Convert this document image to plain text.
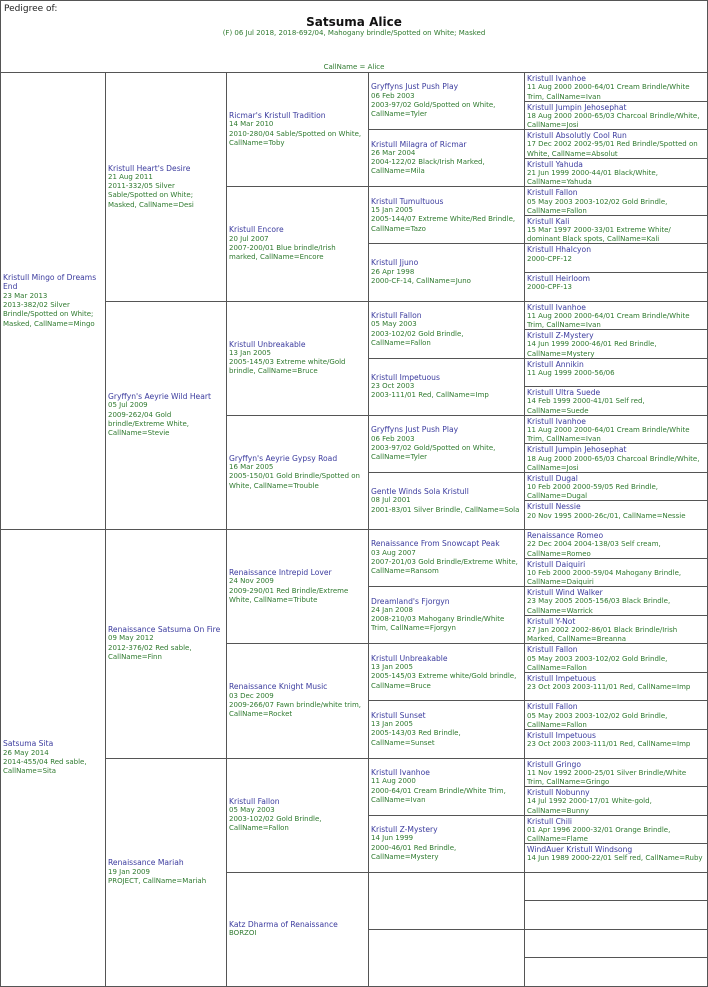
Pedigree of:
Satsuma Alice
(F) 06 Jul 2018, 2018-692/04, Mahogany brindle/Spotted on White; Masked
CallName = Alice
Kristull Mingo of Dreams End
23 Mar 2013
2013-382/02 Silver Brindle/Spotted on White; Masked, CallName=Mingo
Satsuma Sita
26 May 2014
2014-455/04 Red sable, CallName=Sita
Kristull Heart's Desire
21 Aug 2011
2011-332/05 Silver Sable/Spotted on White; Masked, CallName=Desi
Gryffyn's Aeyrie Wild Heart
05 Jul 2009
2009-262/04 Gold brindle/Extreme White, CallName=Stevie
Renaissance Satsuma On Fire
09 May 2012
2012-376/02 Red sable, CallName=Finn
Renaissance Mariah
19 Jan 2009
PROJECT, CallName=Mariah
Ricmar's Kristull Tradition
14 Mar 2010
2010-280/04 Sable/Spotted on White, CallName=Toby
Kristull Encore
20 Jul 2007
2007-200/01 Blue brindle/Irish marked, CallName=Encore
Kristull Unbreakable
13 Jan 2005
2005-145/03 Extreme white/Gold brindle, CallName=Bruce
Gryffyn's Aeyrie Gypsy Road
16 Mar 2005
2005-150/01 Gold Brindle/Spotted on White, CallName=Trouble
Renaissance Intrepid Lover
24 Nov 2009
2009-290/01 Red Brindle/Extreme White, CallName=Tribute
Renaissance Knight Music
03 Dec 2009
2009-266/07 Fawn brindle/white trim, CallName=Rocket
Kristull Fallon
05 May 2003
2003-102/02 Gold Brindle, CallName=Fallon
Katz Dharma of Renaissance
BORZOI
Gryffyns Just Push Play
06 Feb 2003
2003-97/02 Gold/Spotted on White, CallName=Tyler
Kristull Milagra of Ricmar
26 Mar 2004
2004-122/02 Black/Irish Marked, CallName=Mila
Kristull Tumultuous
15 Jan 2005
2005-144/07 Extreme White/Red Brindle, CallName=Tazo
Kristull Jjuno
26 Apr 1998
2000-CF-14, CallName=Juno
Kristull Fallon
05 May 2003
2003-102/02 Gold Brindle, CallName=Fallon
Kristull Impetuous
23 Oct 2003
2003-111/01 Red, CallName=Imp
Gryffyns Just Push Play
06 Feb 2003
2003-97/02 Gold/Spotted on White, CallName=Tyler
Gentle Winds Sola Kristull
08 Jul 2001
2001-83/01 Silver Brindle, CallName=Sola
Renaissance From Snowcapt Peak
03 Aug 2007
2007-201/03 Gold Brindle/Extreme White, CallName=Ransom
Dreamland's Fjorgyn
24 Jan 2008
2008-210/03 Mahogany Brindle/White Trim, CallName=Fjorgyn
Kristull Unbreakable
13 Jan 2005
2005-145/03 Extreme white/Gold brindle, CallName=Bruce
Kristull Sunset
13 Jan 2005
2005-143/03 Red Brindle, CallName=Sunset
Kristull Ivanhoe
11 Aug 2000
2000-64/01 Cream Brindle/White Trim, CallName=Ivan
Kristull Z-Mystery
14 Jun 1999
2000-46/01 Red Brindle, CallName=Mystery
Kristull Ivanhoe
11 Aug 2000 2000-64/01 Cream Brindle/White Trim, CallName=Ivan
Kristull Jumpin Jehosephat
18 Aug 2000 2000-65/03 Charcoal Brindle/White, CallName=Josi
Kristull Absolutly Cool Run
17 Dec 2002 2002-95/01 Red Brindle/Spotted on White, CallName=Absolut
Kristull Yahuda
21 Jun 1999 2000-44/01 Black/White, CallName=Yahuda
Kristull Fallon
05 May 2003 2003-102/02 Gold Brindle, CallName=Fallon
Kristull Kali
15 Mar 1997 2000-33/01 Extreme White/ dominant Black spots, CallName=Kali
Kristull Hhalcyon
2000-CPF-12
Kristull Heirloom
2000-CPF-13
Kristull Ivanhoe
11 Aug 2000 2000-64/01 Cream Brindle/White Trim, CallName=Ivan
Kristull Z-Mystery
14 Jun 1999 2000-46/01 Red Brindle, CallName=Mystery
Kristull Annikin
11 Aug 1999 2000-56/06
Kristull Ultra Suede
14 Feb 1999 2000-41/01 Self red, CallName=Suede
Kristull Ivanhoe
11 Aug 2000 2000-64/01 Cream Brindle/White Trim, CallName=Ivan
Kristull Jumpin Jehosephat
18 Aug 2000 2000-65/03 Charcoal Brindle/White, CallName=Josi
Kristull Dugal
10 Feb 2000 2000-59/05 Red Brindle, CallName=Dugal
Kristull Nessie
20 Nov 1995 2000-26c/01, CallName=Nessie
Renaissance Romeo
22 Dec 2004 2004-138/03 Self cream, CallName=Romeo
Kristull Daiquiri
10 Feb 2000 2000-59/04 Mahogany Brindle, CallName=Daiquiri
Kristull Wind Walker
23 May 2005 2005-156/03 Black Brindle, CallName=Warrick
Kristull Y-Not
27 Jan 2002 2002-86/01 Black Brindle/Irish Marked, CallName=Breanna
Kristull Fallon
05 May 2003 2003-102/02 Gold Brindle, CallName=Fallon
Kristull Impetuous
23 Oct 2003 2003-111/01 Red, CallName=Imp
Kristull Fallon
05 May 2003 2003-102/02 Gold Brindle, CallName=Fallon
Kristull Impetuous
23 Oct 2003 2003-111/01 Red, CallName=Imp
Kristull Gringo
11 Nov 1992 2000-25/01 Silver Brindle/White Trim, CallName=Gringo
Kristull Nobunny
14 Jul 1992 2000-17/01 White-gold, CallName=Bunny
Kristull Chili
01 Apr 1996 2000-32/01 Orange Brindle, CallName=Flame
WindAuer Kristull Windsong
14 Jun 1989 2000-22/01 Self red, CallName=Ruby
